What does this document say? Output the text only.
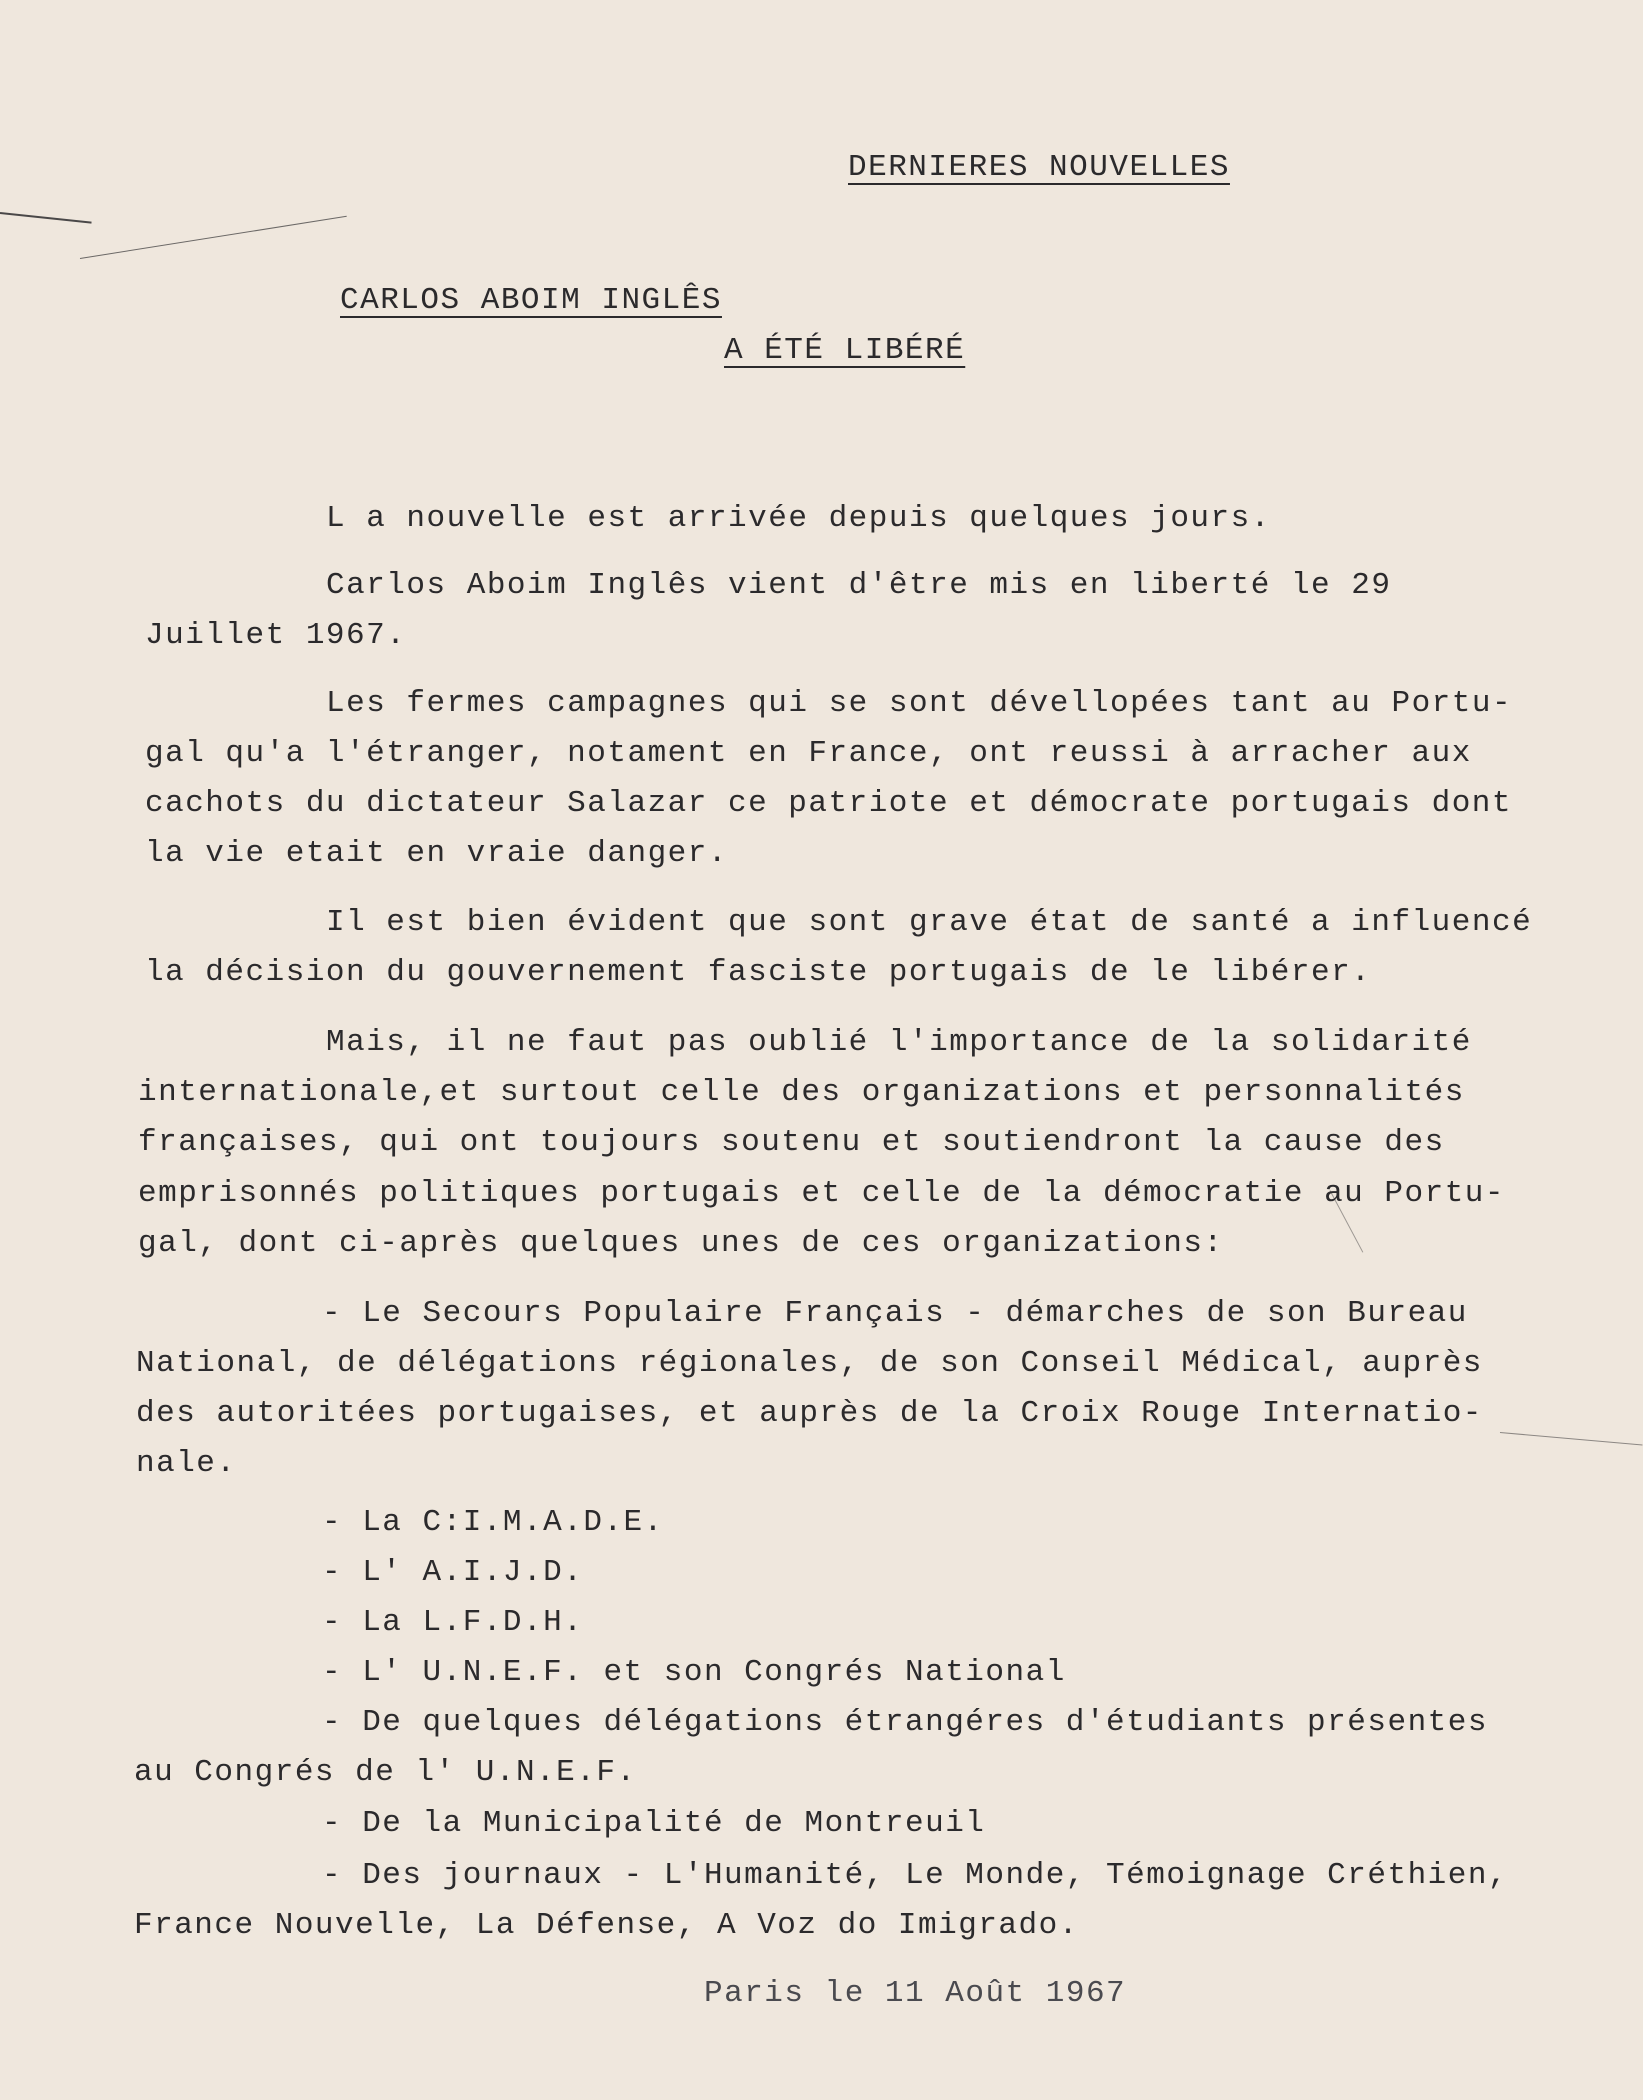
DERNIERES NOUVELLES
CARLOS ABOIM INGLÊS
A ÉTÉ LIBÉRÉ
L a nouvelle est arrivée depuis quelques jours.
Carlos Aboim Inglês vient d'être mis en liberté le 29
Juillet 1967.
Les fermes campagnes qui se sont dévellopées tant au Portu-
gal qu'a l'étranger, notament en France, ont reussi à arracher aux
cachots du dictateur Salazar ce patriote et démocrate portugais dont
la vie etait en vraie danger.
Il est bien évident que sont grave état de santé a influencé
la décision du gouvernement fasciste portugais de le libérer.
Mais, il ne faut pas oublié l'importance de la solidarité
internationale,et surtout celle des organizations et personnalités
françaises, qui ont toujours soutenu et soutiendront la cause des
emprisonnés politiques portugais et celle de la démocratie au Portu-
gal, dont ci-après quelques unes de ces organizations:
- Le Secours Populaire Français - démarches de son Bureau
National, de délégations régionales, de son Conseil Médical, auprès
des autoritées portugaises, et auprès de la Croix Rouge Internatio-
nale.
- La C:I.M.A.D.E.
- L' A.I.J.D.
- La L.F.D.H.
- L' U.N.E.F. et son Congrés National
- De quelques délégations étrangéres d'étudiants présentes
au Congrés de l' U.N.E.F.
- De la Municipalité de Montreuil
- Des journaux - L'Humanité, Le Monde, Témoignage Créthien,
France Nouvelle, La Défense, A Voz do Imigrado.
Paris le 11 Août 1967
